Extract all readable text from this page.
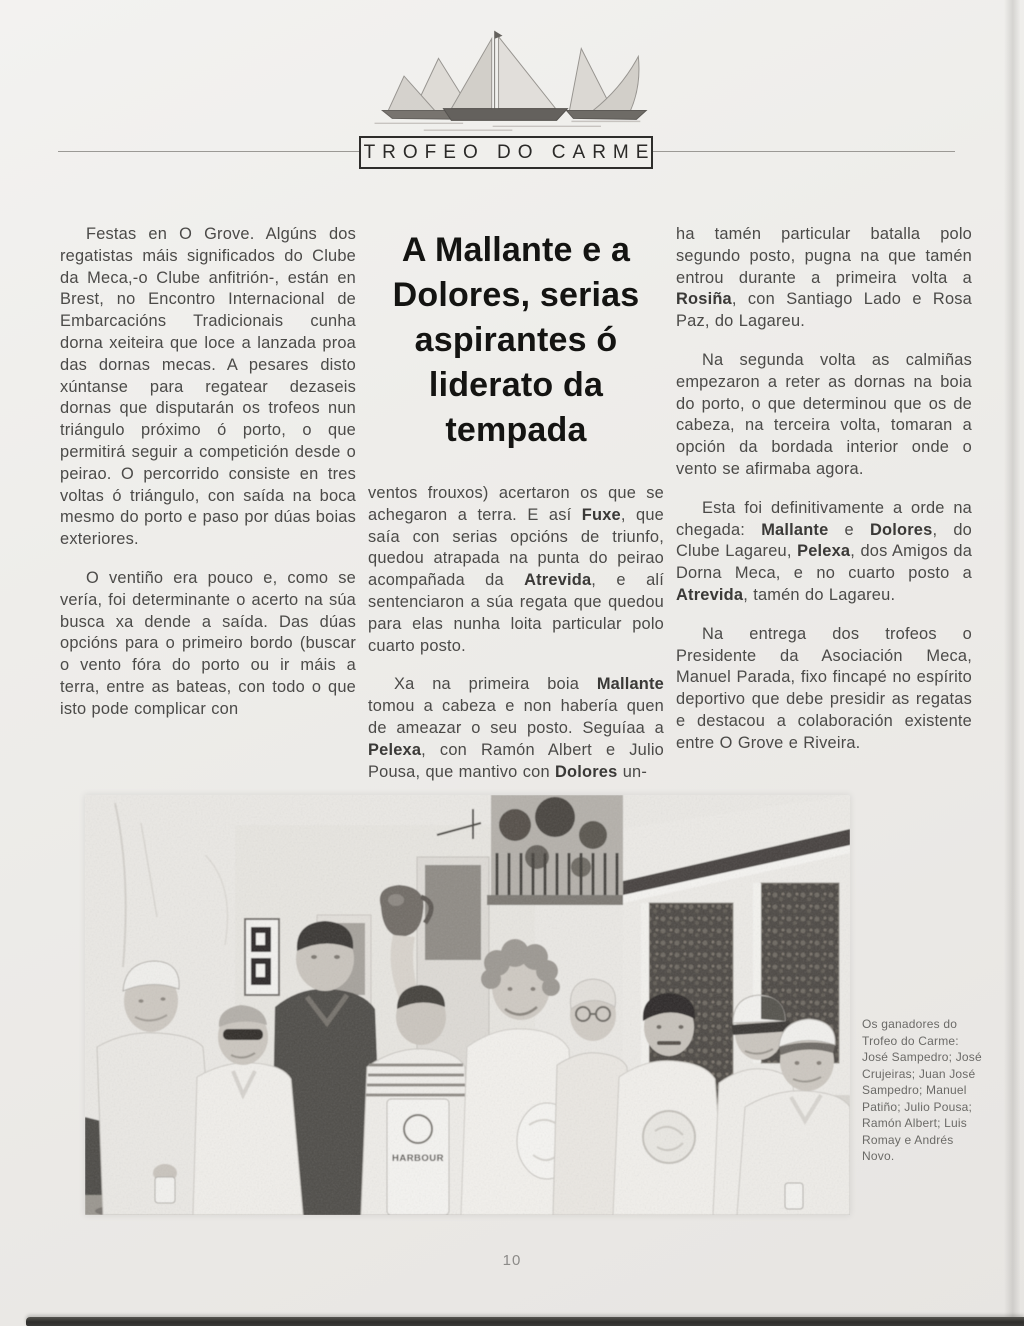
TROFEO DO CARME

Festas en O Grove. Algúns dos regatistas máis significados do Clube da Meca,-o Clube anfitrión-, están en Brest, no Encontro Internacional de Embarcacións Tradicionais cunha dorna xeiteira que loce a lanzada proa das dornas mecas. A pesares disto xúntanse para regatear dezaseis dornas que disputarán os trofeos nun triángulo próximo ó porto, o que permitirá seguir a competición desde o peirao. O percorrido consiste en tres voltas ó triángulo, con saída na boca mesmo do porto e paso por dúas boias exteriores.

O ventiño era pouco e, como se vería, foi determinante o acerto na súa busca xa dende a saída. Das dúas opcións para o primeiro bordo (buscar o vento fóra do porto ou ir máis a terra, entre as bateas, con todo o que isto pode complicar con

A Mallante e a
Dolores, serias
aspirantes ó
liderato da
tempada

ventos frouxos) acertaron os que se achegaron a terra. E así Fuxe, que saía con serias opcións de triunfo, quedou atrapada na punta do peirao acompañada da Atrevida, e alí sentenciaron a súa regata que quedou para elas nunha loita particular polo cuarto posto.

Xa na primeira boia Mallante tomou a cabeza e non habería quen de ameazar o seu posto. Seguíaa a Pelexa, con Ramón Albert e Julio Pousa, que mantivo con Dolores un-

ha tamén particular batalla polo segundo posto, pugna na que tamén entrou durante a primeira volta a Rosiña, con Santiago Lado e Rosa Paz, do Lagareu.

Na segunda volta as calmiñas empezaron a reter as dornas na boia do porto, o que determinou que os de cabeza, na terceira volta, tomaran a opción da bordada interior onde o vento se afirmaba agora.

Esta foi definitivamente a orde na chegada: Mallante e Dolores, do Clube Lagareu, Pelexa, dos Amigos da Dorna Meca, e no cuarto posto a Atrevida, tamén do Lagareu.

Na entrega dos trofeos o Presidente da Asociación Meca, Manuel Parada, fixo fincapé no espírito deportivo que debe presidir as regatas e destacou a colaboración existente entre O Grove e Riveira.

HARBOUR
Os ganadores do Trofeo do Carme: José Sampedro; José Crujeiras; Juan José Sampedro; Manuel Patiño; Julio Pousa; Ramón Albert; Luis Romay e Andrés Novo.
10
